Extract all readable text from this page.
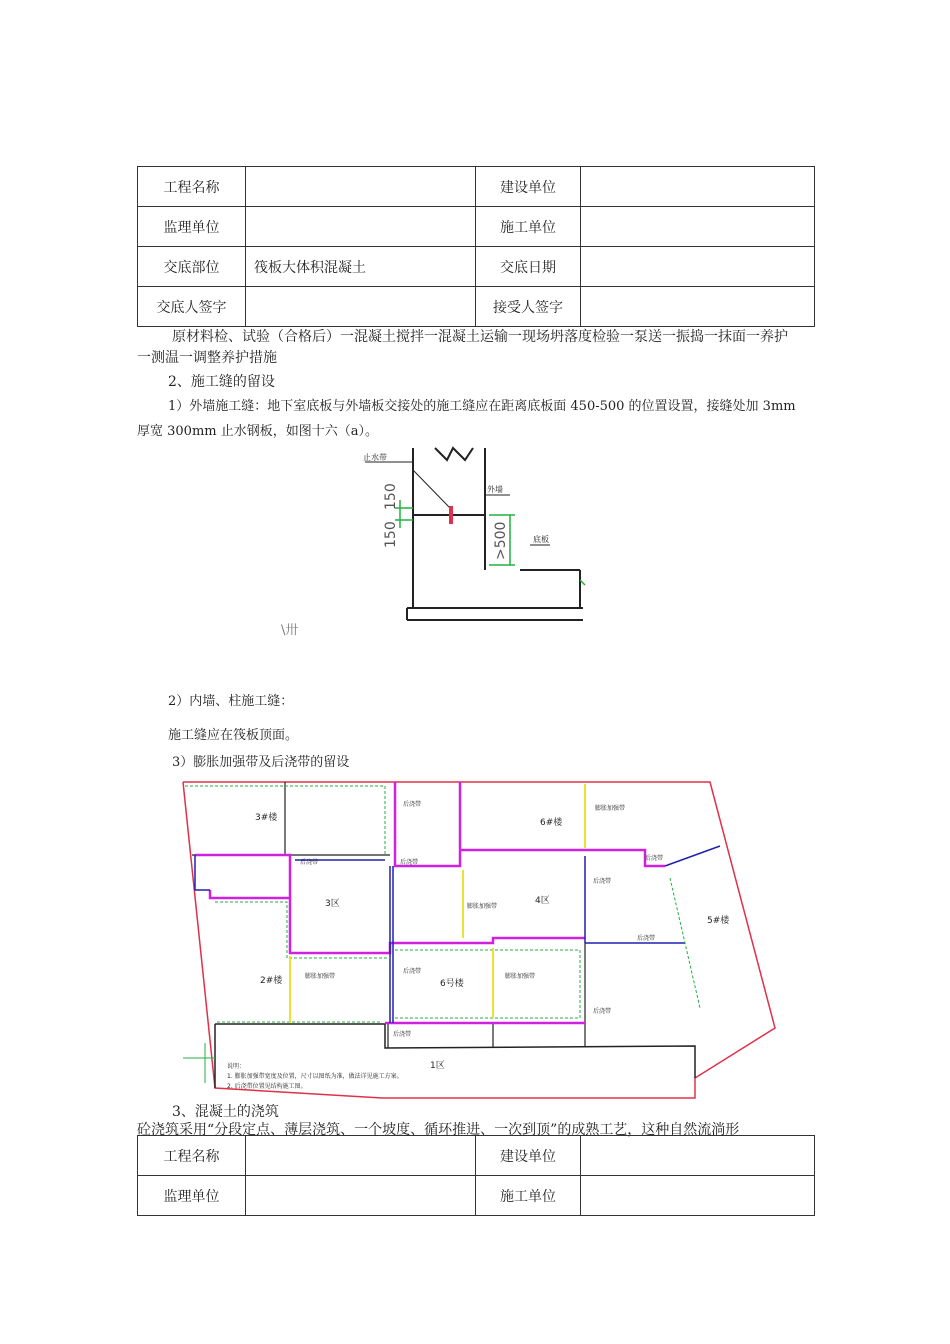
工程名称		建设单位	
监理单位		施工单位	
交底部位	筏板大体积混凝土	交底日期	
交底人签字		接受人签字	
原材料检、试验（合格后）一混凝土搅拌一混凝土运输一现场坍落度检验一泵送一振捣一抹面一养护
一测温一调整养护措施
2、施工缝的留设
1）外墙施工缝：地下室底板与外墙板交接处的施工缝应在距离底板面 450-500 的位置设置，接缝处加 3mm
厚宽 300mm 止水钢板，如图十六（a）。
止水带
外墙
底板
150
150
>500
\卅
2）内墙、柱施工缝：
施工缝应在筏板顶面。
3）膨胀加强带及后浇带的留设
3#楼	6#楼
3区	4区
2#楼	6号楼
1区
5#楼
后浇带
膨胀加强带
后浇带	后浇带
膨胀加强带
后浇带
后浇带
后浇带
膨胀加强带
后浇带
膨胀加强带
后浇带
后浇带
说明：
1. 膨胀加强带宽度及位置，尺寸以图纸为准，做法详见施工方案。
2. 后浇带位置见结构施工图。
3、混凝土的浇筑
砼浇筑采用“分段定点、薄层浇筑、一个坡度、循环推进、一次到顶”的成熟工艺，这种自然流淌形
工程名称		建设单位	
监理单位		施工单位	
